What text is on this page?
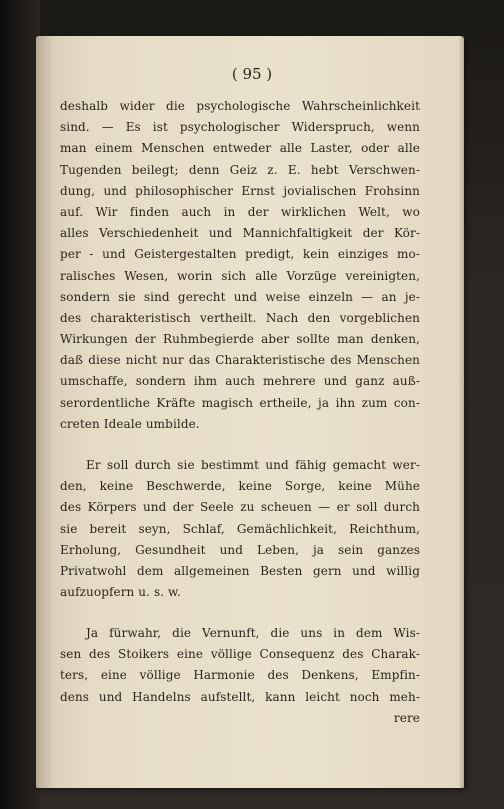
( 95 )
deshalb wider die psychologische Wahrscheinlichkeit
sind. — Es ist psychologischer Widerspruch, wenn
man einem Menschen entweder alle Laster, oder alle
Tugenden beilegt; denn Geiz z. E. hebt Verschwen-
dung, und philosophischer Ernst jovialischen Frohsinn
auf. Wir finden auch in der wirklichen Welt, wo
alles Verschiedenheit und Mannichfaltigkeit der Kör-
per - und Geistergestalten predigt, kein einziges mo-
ralisches Wesen, worin sich alle Vorzüge vereinigten,
sondern sie sind gerecht und weise einzeln — an je-
des charakteristisch vertheilt. Nach den vorgeblichen
Wirkungen der Ruhmbegierde aber sollte man denken,
daß diese nicht nur das Charakteristische des Menschen
umschaffe, sondern ihm auch mehrere und ganz auß-
serordentliche Kräfte magisch ertheile, ja ihn zum con-
creten Ideale umbilde.
Er soll durch sie bestimmt und fähig gemacht wer-
den, keine Beschwerde, keine Sorge, keine Mühe
des Körpers und der Seele zu scheuen — er soll durch
sie bereit seyn, Schlaf, Gemächlichkeit, Reichthum,
Erholung, Gesundheit und Leben, ja sein ganzes
Privatwohl dem allgemeinen Besten gern und willig
aufzuopfern u. s. w.
Ja fürwahr, die Vernunft, die uns in dem Wis-
sen des Stoikers eine völlige Consequenz des Charak-
ters, eine völlige Harmonie des Denkens, Empfin-
dens und Handelns aufstellt, kann leicht noch meh-
rere
